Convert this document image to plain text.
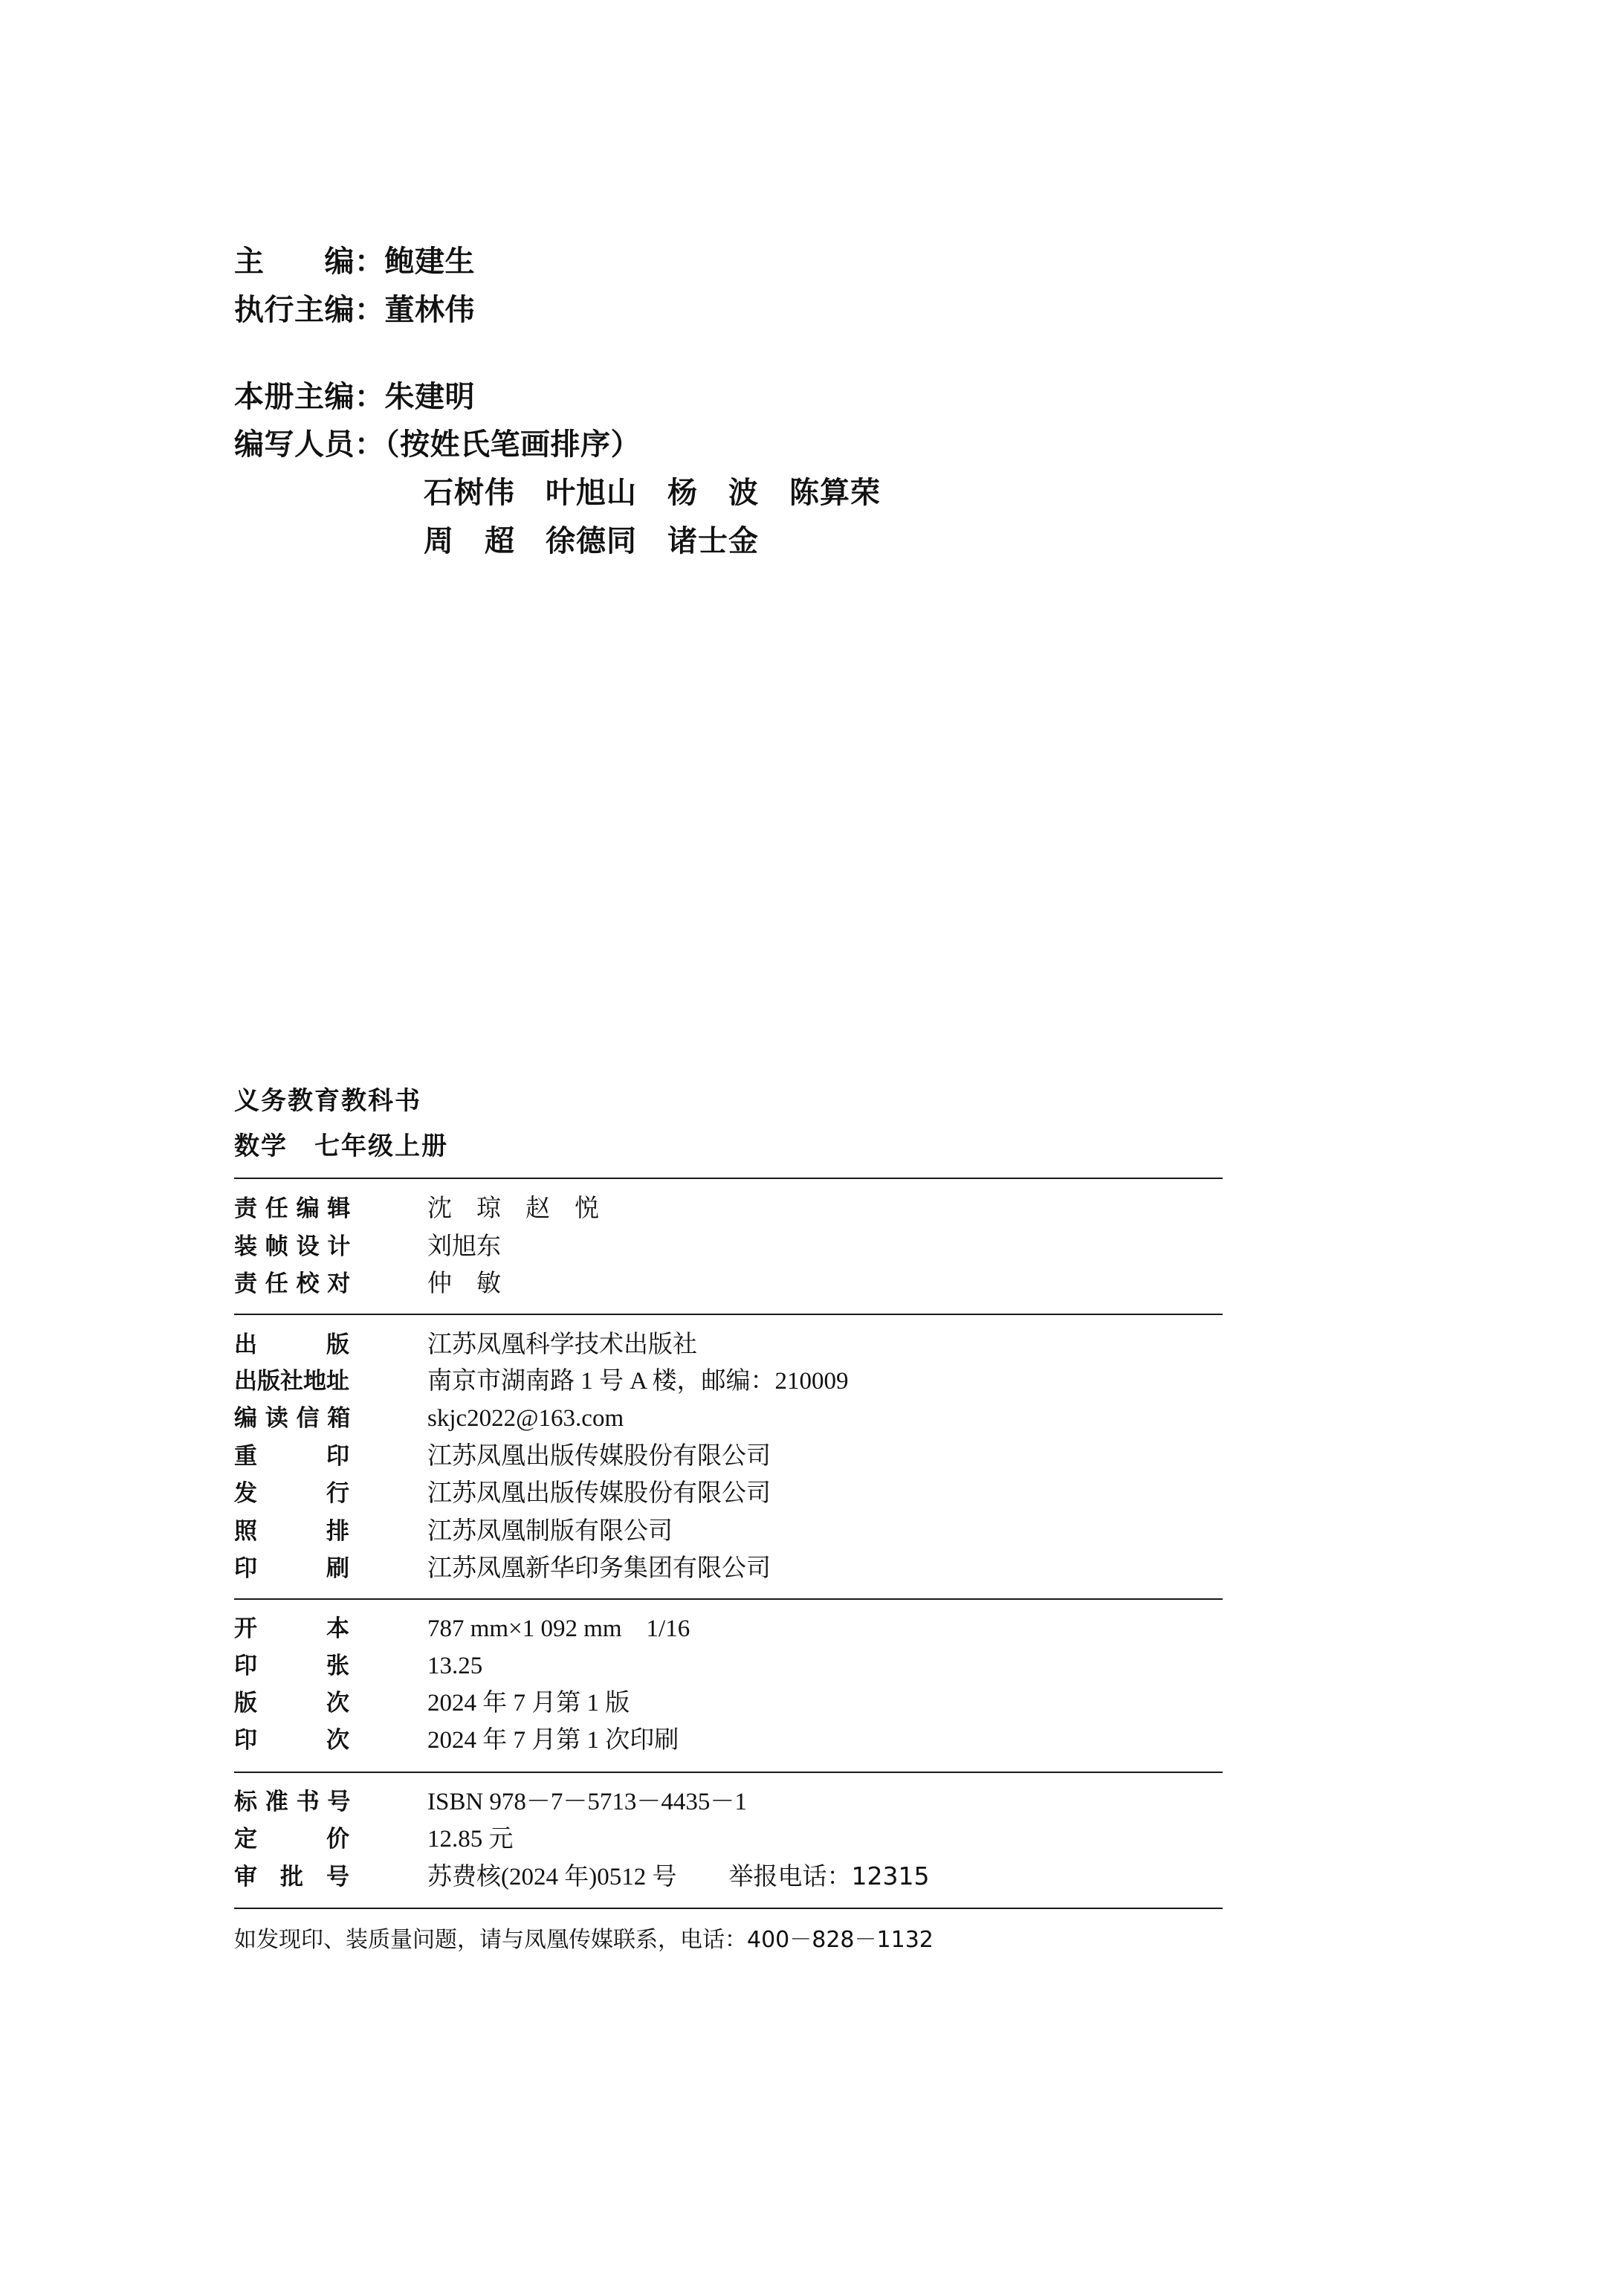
主　　编：鲍建生
执行主编：董林伟
本册主编：朱建明
编写人员：（按姓氏笔画排序）
石树伟　叶旭山　杨　波　陈算荣
周　超　徐德同　诸士金
义务教育教科书
数学　七年级上册
责 任 编 辑	沈　琼　赵　悦
装 帧 设 计	刘旭东
责 任 校 对	仲　敏
出　　　版	江苏凤凰科学技术出版社
出版社地址	南京市湖南路 1 号 A 楼，邮编：210009
编 读 信 箱	skjc2022@163.com
重　　　印	江苏凤凰出版传媒股份有限公司
发　　　行	江苏凤凰出版传媒股份有限公司
照　　　排	江苏凤凰制版有限公司
印　　　刷	江苏凤凰新华印务集团有限公司
开　　　本	787 mm×1 092 mm　1/16
印　　　张	13.25
版　　　次	2024 年 7 月第 1 版
印　　　次	2024 年 7 月第 1 次印刷
标 准 书 号	ISBN 978－7－5713－4435－1
定　　　价	12.85 元
审　批　号	苏费核(2024 年)0512 号 举报电话：12315
如发现印、装质量问题，请与凤凰传媒联系，电话：400－828－1132
